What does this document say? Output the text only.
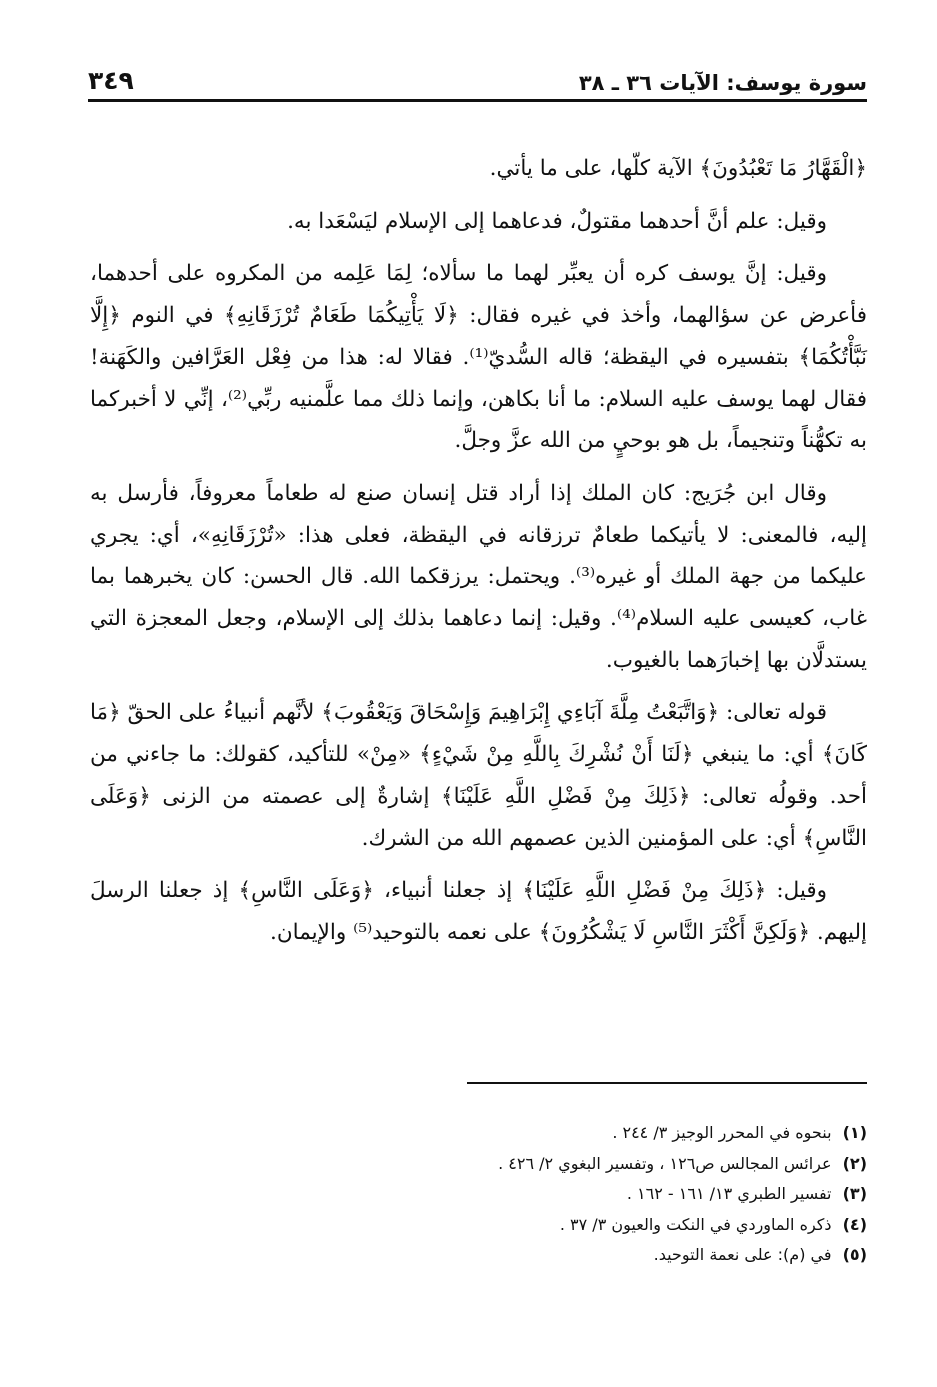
سورة يوسف: الآيات ٣٦ ـ ٣٨
٣٤٩

﴿الْقَهَّارُ مَا تَعْبُدُونَ﴾ الآية كلّها، على ما يأتي.

وقيل: علم أنَّ أحدهما مقتولٌ، فدعاهما إلى الإسلام ليَسْعَدا به.

وقيل: إنَّ يوسف كره أن يعبِّر لهما ما سألاه؛ لِمَا عَلِمه من المكروه على أحدهما، فأعرض عن سؤالهما، وأخذ في غيره فقال: ﴿لَا يَأْتِيكُمَا طَعَامٌ تُرْزَقَانِهِ﴾ في النوم ﴿إِلَّا نَبَّأْتُكُمَا﴾ بتفسيره في اليقظة؛ قاله السُّديّ⁽¹⁾. فقالا له: هذا من فِعْل العَرَّافين والكَهَنة! فقال لهما يوسف عليه السلام: ما أنا بكاهن، وإنما ذلك مما علَّمنيه ربِّي⁽²⁾، إنِّي لا أخبركما به تكهُّناً وتنجيماً، بل هو بوحيٍ من الله عزَّ وجلَّ.

وقال ابن جُرَيج: كان الملك إذا أراد قتل إنسان صنع له طعاماً معروفاً، فأرسل به إليه، فالمعنى: لا يأتيكما طعامٌ ترزقانه في اليقظة، فعلى هذا: «تُرْزَقَانِهِ»، أي: يجري عليكما من جهة الملك أو غيره⁽³⁾. ويحتمل: يرزقكما الله. قال الحسن: كان يخبرهما بما غاب، كعيسى عليه السلام⁽⁴⁾. وقيل: إنما دعاهما بذلك إلى الإسلام، وجعل المعجزة التي يستدلَّان بها إخبارَهما بالغيوب.

قوله تعالى: ﴿وَاتَّبَعْتُ مِلَّةَ آبَاءِي إِبْرَاهِيمَ وَإِسْحَاقَ وَيَعْقُوبَ﴾ لأنَّهم أنبياءُ على الحقّ ﴿مَا كَانَ﴾ أي: ما ينبغي ﴿لَنَا أَنْ نُشْرِكَ بِاللَّهِ مِنْ شَيْءٍ﴾ «مِنْ» للتأكيد، كقولك: ما جاءني من أحد. وقولُه تعالى: ﴿ذَلِكَ مِنْ فَضْلِ اللَّهِ عَلَيْنَا﴾ إشارةٌ إلى عصمته من الزنى ﴿وَعَلَى النَّاسِ﴾ أي: على المؤمنين الذين عصمهم الله من الشرك.

وقيل: ﴿ذَلِكَ مِنْ فَضْلِ اللَّهِ عَلَيْنَا﴾ إذ جعلنا أنبياء، ﴿وَعَلَى النَّاسِ﴾ إذ جعلنا الرسلَ إليهم. ﴿وَلَكِنَّ أَكْثَرَ النَّاسِ لَا يَشْكُرُونَ﴾ على نعمه بالتوحيد⁽⁵⁾ والإيمان.

(١) بنحوه في المحرر الوجيز ٣/ ٢٤٤ .
(٢) عرائس المجالس ص١٢٦ ، وتفسير البغوي ٢/ ٤٢٦ .
(٣) تفسير الطبري ١٣/ ١٦١ - ١٦٢ .
(٤) ذكره الماوردي في النكت والعيون ٣/ ٣٧ .
(٥) في (م): على نعمة التوحيد.
